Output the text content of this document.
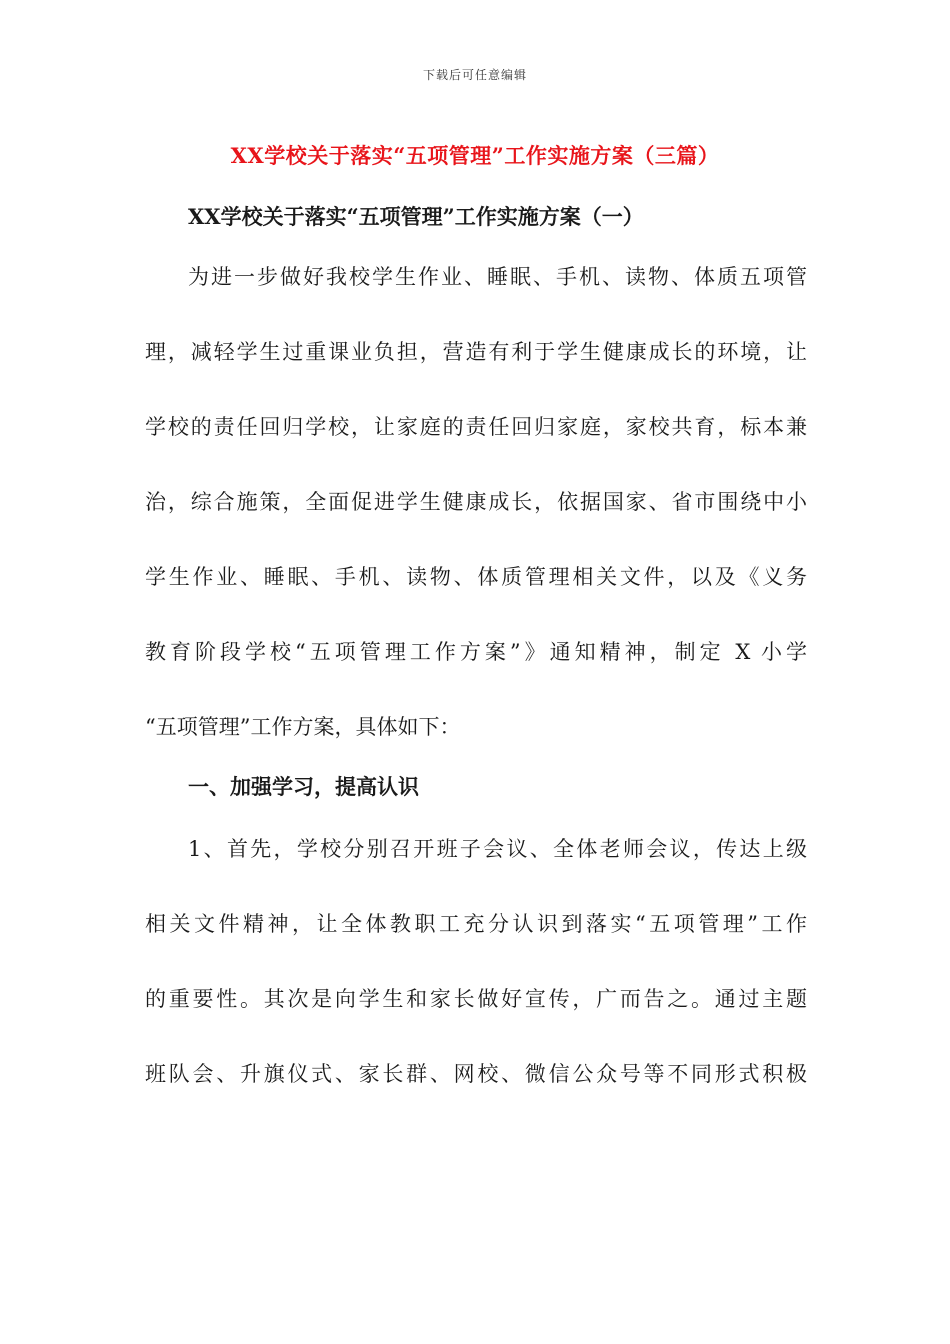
下载后可任意编辑
XX学校关于落实“五项管理”工作实施方案（三篇）
XX学校关于落实“五项管理”工作实施方案（一）
为进一步做好我校学生作业、睡眠、手机、读物、体质五项管
理，减轻学生过重课业负担，营造有利于学生健康成长的环境，让
学校的责任回归学校，让家庭的责任回归家庭，家校共育，标本兼
治，综合施策，全面促进学生健康成长，依据国家、省市围绕中小
学生作业、睡眠、手机、读物、体质管理相关文件，以及《义务
教育阶段学校“五项管理工作方案”》通知精神，制定 X 小学
“五项管理”工作方案，具体如下：
一、加强学习，提高认识
1、首先，学校分别召开班子会议、全体老师会议，传达上级
相关文件精神，让全体教职工充分认识到落实“五项管理”工作
的重要性。其次是向学生和家长做好宣传，广而告之。通过主题
班队会、升旗仪式、家长群、网校、微信公众号等不同形式积极
